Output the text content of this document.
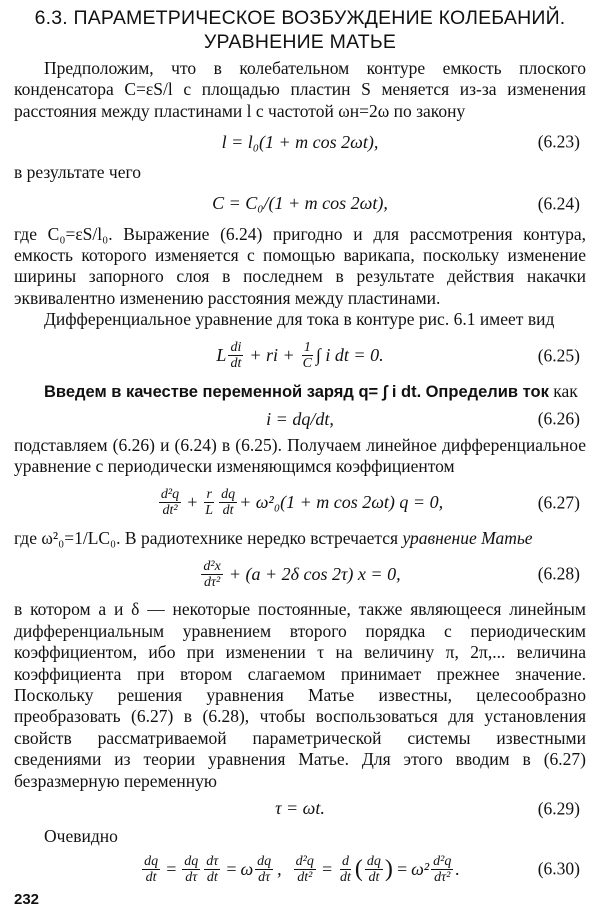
6.3. ПАРАМЕТРИЧЕСКОЕ ВОЗБУЖДЕНИЕ КОЛЕБАНИЙ.
УРАВНЕНИЕ МАТЬЕ

Предположим, что в колебательном контуре емкость плоского конденсатора C=εS/l с площадью пластин S меняется из-за изменения расстояния между пластинами l с частотой ωн=2ω по закону

l = l₀(1 + m cos 2ωt),	(6.23)

в результате чего

C = C₀/(1 + m cos 2ωt),	(6.24)

где C₀=εS/l₀. Выражение (6.24) пригодно и для рассмотрения контура, емкость которого изменяется с помощью варикапа, поскольку изменение ширины запорного слоя в последнем в результате действия накачки эквивалентно изменению расстояния между пластинами.

Дифференциальное уравнение для тока в контуре рис. 6.1 имеет вид

L $\frac{di}{dt}$ + ri + $\frac{1}{C}$ ∫ i dt = 0.	(6.25)

Введем в качестве переменной заряд q= ∫ i dt. Определив ток как

i = dq/dt,	(6.26)

подставляем (6.26) и (6.24) в (6.25). Получаем линейное дифференциальное уравнение с периодически изменяющимся коэффициентом

$\frac{\text{d²q}}{\text{dt²}} + \frac{r}{L} \frac{dq}{dt} + \omega^2_0(1 + m$ cos 2ωt) q = 0,	(6.27)

где ω²₀=1/LC₀. В радиотехнике нередко встречается уравнение Матье

$\frac{\text{d²x}}{\text{dτ²}} + (a + 2\delta$ cos 2τ) x = 0,	(6.28)

в котором a и δ — некоторые постоянные, также являющееся линейным дифференциальным уравнением второго порядка с периодическим коэффициентом, ибо при изменении τ на величину π, 2π,... величина коэффициента при втором слагаемом принимает прежнее значение. Поскольку решения уравнения Матье известны, целесообразно преобразовать (6.27) в (6.28), чтобы воспользоваться для установления свойств рассматриваемой параметрической системы известными сведениями из теории уравнения Матье. Для этого вводим в (6.27) безразмерную переменную

τ = ωt.	(6.29)

Очевидно

$\frac{dq}{dt} = \frac{dq}{d\tau} \frac{d\tau}{dt} = \omega \frac{dq}{d\tau}$ , $\frac{\text{d²q}}{\text{dt²}} = \frac{d}{dt}$ ( $\frac{dq}{dt}$ ) = $\omega^2 \frac{\text{d²q}}{\text{dτ²}}$ .	(6.30)
232
